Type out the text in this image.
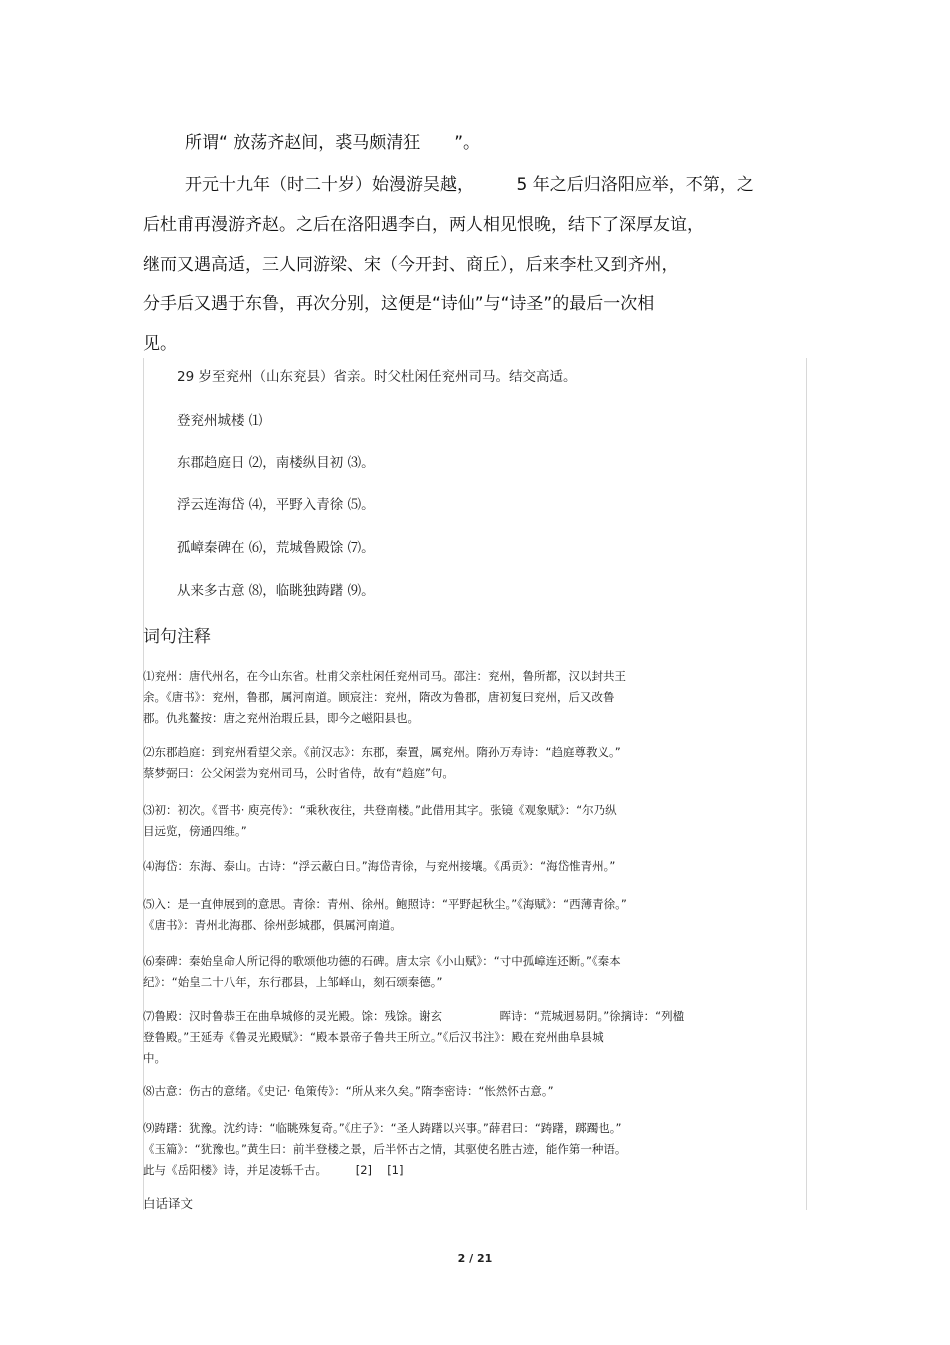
所谓“ 放荡齐赵间，裘马颇清狂　　”。

开元十九年（时二十岁）始漫游吴越，　　　5 年之后归洛阳应举，不第，之

后杜甫再漫游齐赵。之后在洛阳遇李白，两人相见恨晚，结下了深厚友谊，

继而又遇高适，三人同游梁、宋（今开封、商丘），后来李杜又到齐州，

分手后又遇于东鲁，再次分别，这便是“诗仙”与“诗圣”的最后一次相

见。

29 岁至兖州（山东兖县）省亲。时父杜闲任兖州司马。结交高适。

登兖州城楼 ⑴

东郡趋庭日 ⑵，南楼纵目初 ⑶。

浮云连海岱 ⑷，平野入青徐 ⑸。

孤嶂秦碑在 ⑹，荒城鲁殿馀 ⑺。

从来多古意 ⑻，临眺独踌躇 ⑼。

词句注释

⑴兖州：唐代州名，在今山东省。杜甫父亲杜闲任兖州司马。邵注：兖州，鲁所都，汉以封共王
余。《唐书》：兖州，鲁郡，属河南道。顾宸注：兖州，隋改为鲁郡，唐初复曰兖州，后又改鲁
郡。仇兆鳌按：唐之兖州治瑕丘县，即今之嵫阳县也。
⑵东郡趋庭：到兖州看望父亲。《前汉志》：东郡，秦置，属兖州。隋孙万寿诗：“趋庭尊教义。”
蔡梦弼曰：公父闲尝为兖州司马，公时省侍，故有“趋庭”句。
⑶初：初次。《晋书· 庾亮传》：“乘秋夜往，共登南楼。”此借用其字。张镜《观象赋》：“尔乃纵
目远览，傍通四维。”
⑷海岱：东海、泰山。古诗：“浮云蔽白日。”海岱青徐，与兖州接壤。《禹贡》：“海岱惟青州。”
⑸入：是一直伸展到的意思。青徐：青州、徐州。鲍照诗：“平野起秋尘。”《海赋》：“西薄青徐。”
《唐书》：青州北海郡、徐州彭城郡，俱属河南道。
⑹秦碑：秦始皇命人所记得的歌颂他功德的石碑。唐太宗《小山赋》：“寸中孤嶂连还断。”《秦本
纪》：“始皇二十八年，东行郡县，上邹峄山，刻石颂秦德。”
⑺鲁殿：汉时鲁恭王在曲阜城修的灵光殿。馀：残馀。谢玄　　　　　晖诗：“荒城迥易阴。”徐摛诗：“列楹
登鲁殿。”王延寿《鲁灵光殿赋》：“殿本景帝子鲁共王所立。”《后汉书注》：殿在兖州曲阜县城
中。
⑻古意：伤古的意绪。《史记· 龟策传》：“所从来久矣。”隋李密诗：“怅然怀古意。”
⑼踌躇：犹豫。沈约诗：“临眺殊复奇。”《庄子》：“圣人踌躇以兴事。”薛君曰：“踌躇，踯躅也。”
《玉篇》：“犹豫也。”黄生曰：前半登楼之景，后半怀古之情，其驱使名胜古迹，能作第一种语。
此与《岳阳楼》诗，并足凌轹千古。　　　[2]　 [1]

白话译文

2 / 21
